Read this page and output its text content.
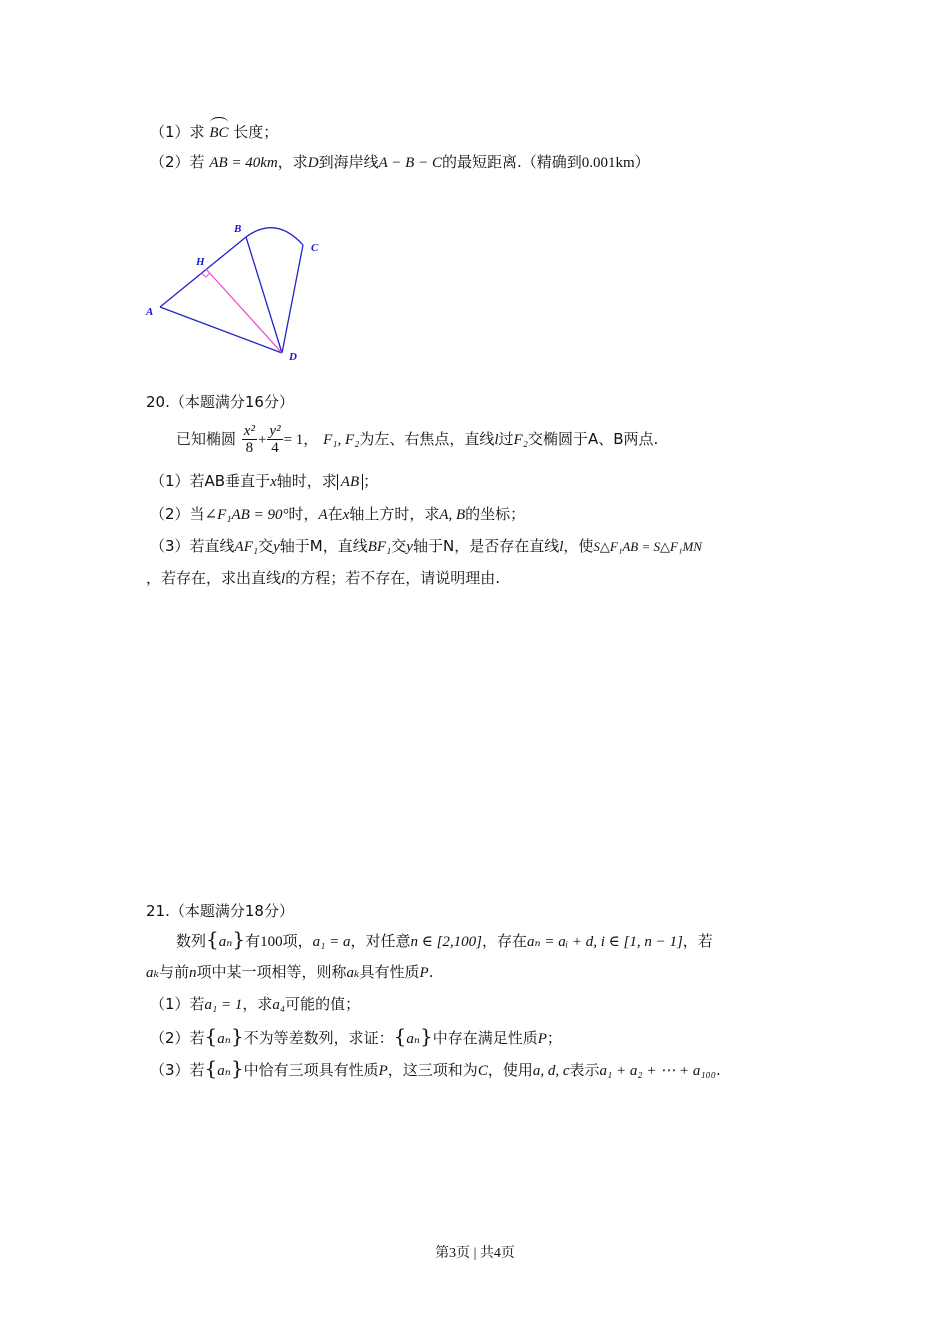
（1）求 BC 长度；
（2）若 AB = 40km，求D到海岸线A − B − C的最短距离.（精确到0.001km）
A
B
C
D
H
20.（本题满分16分）
已知椭圆 $\frac{\text{x²}}{8} + \frac{\text{y²}}{4} = 1$， F₁, F₂为左、右焦点，直线l过F₂交椭圆于A、B两点.
（1）若AB垂直于x轴时，求 AB ；
（2）当∠F₁AB = 90°时，A在x轴上方时，求A, B的坐标；
（3）若直线AF₁交y轴于M，直线BF₁交y轴于N，是否存在直线l，使S△F₁AB = S△F₁MN
，若存在，求出直线l的方程；若不存在，请说明理由.
21.（本题满分18分）
数列{aₙ}有100项，a₁ = a，对任意n ∈ [2,100]，存在aₙ = aᵢ + d, i ∈ [1, n − 1]，若
aₖ与前n项中某一项相等，则称aₖ具有性质P.
（1）若a₁ = 1，求a₄可能的值；
（2）若{aₙ}不为等差数列，求证：{aₙ}中存在满足性质P；
（3）若{aₙ}中恰有三项具有性质P，这三项和为C，使用a, d, c表示a₁ + a₂ + ⋯ + a₁₀₀.
第3页 | 共4页
